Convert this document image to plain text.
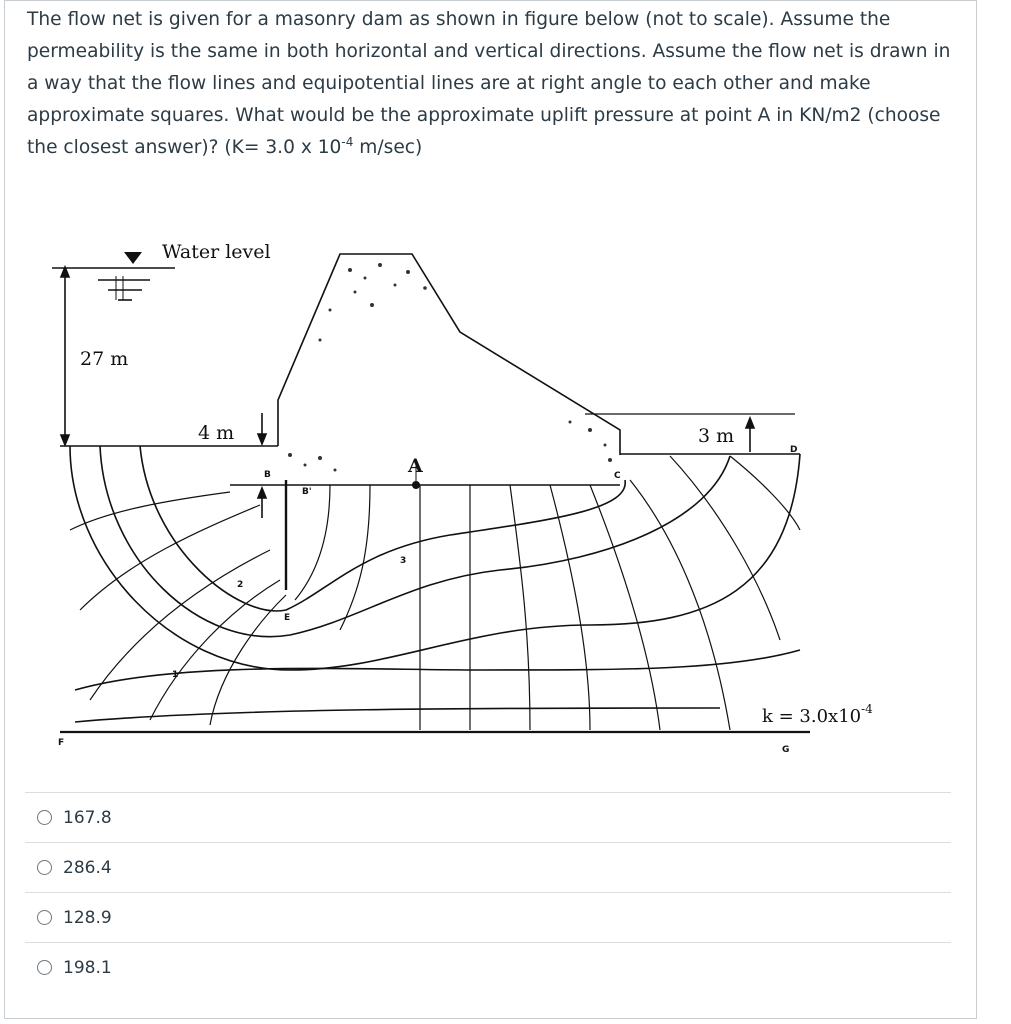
The flow net is given for a masonry dam as shown in figure below (not to scale). Assume the permeability is the same in both horizontal and vertical directions. Assume the flow net is drawn in a way that the flow lines and equipotential lines are at right angle to each other and make approximate squares. What would be the approximate uplift pressure at point A in KN/m2 (choose the closest answer)? (K= 3.0 x $10^{-4}$ m/sec)

Water level
27 m
4 m	3 m
A
B
B'
C
D
E
F
G
1
2
3
$k = 3.0x10^{-4}$
167.8
286.4
128.9
198.1
